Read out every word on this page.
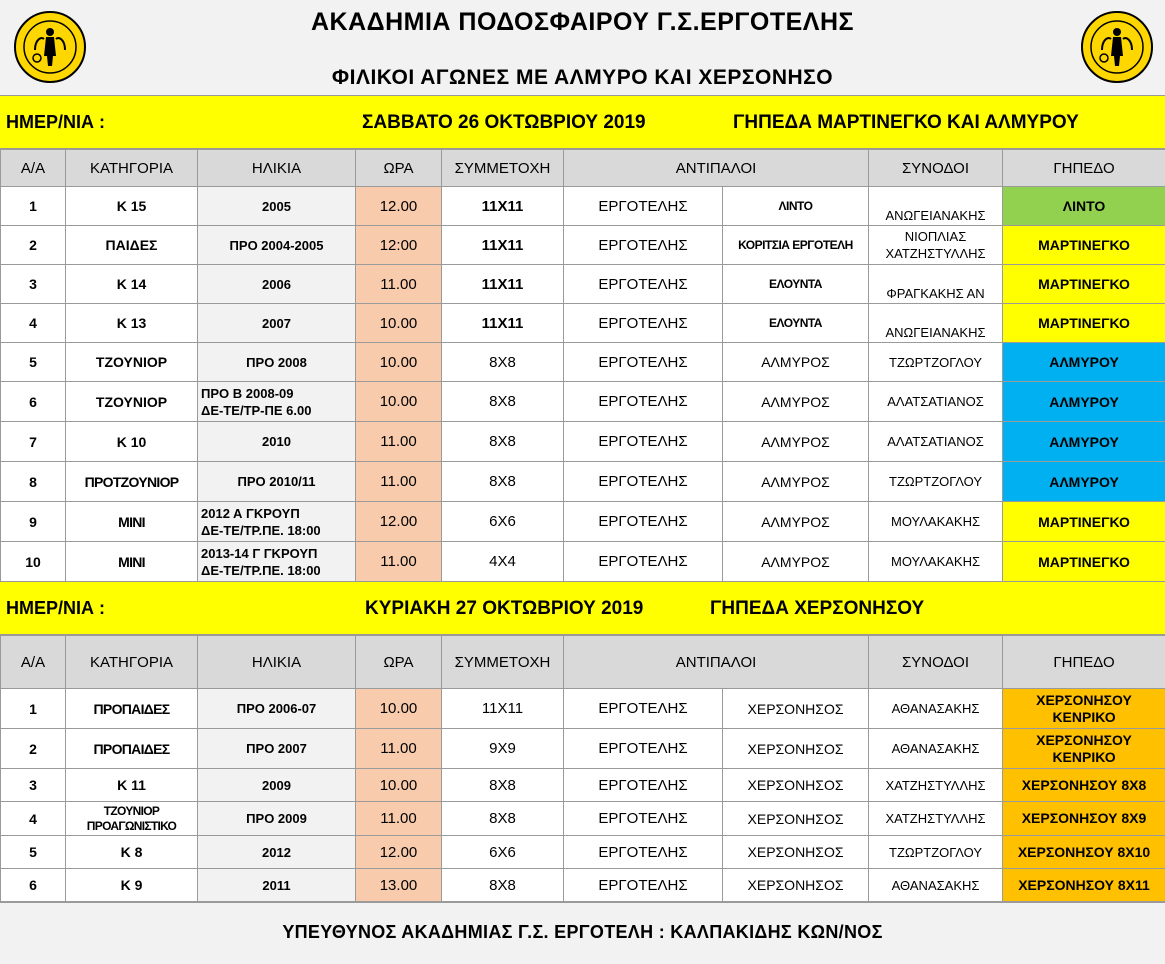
ΑΚΑΔΗΜΙΑ ΠΟΔΟΣΦΑΙΡΟΥ Γ.Σ.ΕΡΓΟΤΕΛΗΣ
ΦΙΛΙΚΟΙ ΑΓΩΝΕΣ ΜΕ ΑΛΜΥΡΟ ΚΑΙ ΧΕΡΣΟΝΗΣΟ
ΗΜΕΡ/ΝΙΑ :	ΣΑΒΒΑΤΟ 26 ΟΚΤΩΒΡΙΟΥ 2019	ΓΗΠΕΔΑ ΜΑΡΤΙΝΕΓΚΟ ΚΑΙ ΑΛΜΥΡΟΥ
Α/Α	ΚΑΤΗΓΟΡΙΑ	ΗΛΙΚΙΑ	ΩΡΑ	ΣΥΜΜΕΤΟΧΗ	ΑΝΤΙΠΑΛΟΙ		ΣΥΝΟΔΟΙ	ΓΗΠΕΔΟ
1	Κ 15	2005	12.00	11Χ11	ΕΡΓΟΤΕΛΗΣ	ΛΙΝΤΟ	ΑΝΩΓΕΙΑΝΑΚΗΣ	ΛΙΝΤΟ
2	ΠΑΙΔΕΣ	ΠΡΟ 2004-2005	12:00	11Χ11	ΕΡΓΟΤΕΛΗΣ	ΚΟΡΙΤΣΙΑ ΕΡΓΟΤΕΛΗ	ΝΙΟΠΛΙΑΣ ΧΑΤΖΗΣΤΥΛΛΗΣ	ΜΑΡΤΙΝΕΓΚΟ
3	Κ 14	2006	11.00	11Χ11	ΕΡΓΟΤΕΛΗΣ	ΕΛΟΥΝΤΑ	ΦΡΑΓΚΑΚΗΣ ΑΝ	ΜΑΡΤΙΝΕΓΚΟ
4	Κ 13	2007	10.00	11Χ11	ΕΡΓΟΤΕΛΗΣ	ΕΛΟΥΝΤΑ	ΑΝΩΓΕΙΑΝΑΚΗΣ	ΜΑΡΤΙΝΕΓΚΟ
5	ΤΖΟΥΝΙΟΡ	ΠΡΟ 2008	10.00	8Χ8	ΕΡΓΟΤΕΛΗΣ	ΑΛΜΥΡΟΣ	ΤΖΩΡΤΖΟΓΛΟΥ	ΑΛΜΥΡΟΥ
6	ΤΖΟΥΝΙΟΡ	ΠΡΟ Β 2008-09
ΔΕ-ΤΕ/ΤΡ-ΠΕ 6.00	10.00	8Χ8	ΕΡΓΟΤΕΛΗΣ	ΑΛΜΥΡΟΣ	ΑΛΑΤΣΑΤΙΑΝΟΣ	ΑΛΜΥΡΟΥ
7	Κ 10	2010	11.00	8Χ8	ΕΡΓΟΤΕΛΗΣ	ΑΛΜΥΡΟΣ	ΑΛΑΤΣΑΤΙΑΝΟΣ	ΑΛΜΥΡΟΥ
8	ΠΡΟΤΖΟΥΝΙΟΡ	ΠΡΟ 2010/11	11.00	8Χ8	ΕΡΓΟΤΕΛΗΣ	ΑΛΜΥΡΟΣ	ΤΖΩΡΤΖΟΓΛΟΥ	ΑΛΜΥΡΟΥ
9	ΜΙΝΙ	2012 Α ΓΚΡΟΥΠ
ΔΕ-ΤΕ/ΤΡ.ΠΕ. 18:00	12.00	6Χ6	ΕΡΓΟΤΕΛΗΣ	ΑΛΜΥΡΟΣ	ΜΟΥΛΑΚΑΚΗΣ	ΜΑΡΤΙΝΕΓΚΟ
10	ΜΙΝΙ	2013-14 Γ ΓΚΡΟΥΠ
ΔΕ-ΤΕ/ΤΡ.ΠΕ. 18:00	11.00	4Χ4	ΕΡΓΟΤΕΛΗΣ	ΑΛΜΥΡΟΣ	ΜΟΥΛΑΚΑΚΗΣ	ΜΑΡΤΙΝΕΓΚΟ
ΗΜΕΡ/ΝΙΑ :	ΚΥΡΙΑΚΗ 27 ΟΚΤΩΒΡΙΟΥ 2019	ΓΗΠΕΔΑ ΧΕΡΣΟΝΗΣΟΥ
Α/Α	ΚΑΤΗΓΟΡΙΑ	ΗΛΙΚΙΑ	ΩΡΑ	ΣΥΜΜΕΤΟΧΗ	ΑΝΤΙΠΑΛΟΙ		ΣΥΝΟΔΟΙ	ΓΗΠΕΔΟ
1	ΠΡΟΠΑΙΔΕΣ	ΠΡΟ 2006-07	10.00	11Χ11	ΕΡΓΟΤΕΛΗΣ	ΧΕΡΣΟΝΗΣΟΣ	ΑΘΑΝΑΣΑΚΗΣ	ΧΕΡΣΟΝΗΣΟΥ ΚΕΝΡΙΚΟ
2	ΠΡΟΠΑΙΔΕΣ	ΠΡΟ 2007	11.00	9Χ9	ΕΡΓΟΤΕΛΗΣ	ΧΕΡΣΟΝΗΣΟΣ	ΑΘΑΝΑΣΑΚΗΣ	ΧΕΡΣΟΝΗΣΟΥ ΚΕΝΡΙΚΟ
3	Κ 11	2009	10.00	8Χ8	ΕΡΓΟΤΕΛΗΣ	ΧΕΡΣΟΝΗΣΟΣ	ΧΑΤΖΗΣΤΥΛΛΗΣ	ΧΕΡΣΟΝΗΣΟΥ 8Χ8
4	ΤΖΟΥΝΙΟΡ ΠΡΟΑΓΩΝΙΣΤΙΚΟ	ΠΡΟ 2009	11.00	8Χ8	ΕΡΓΟΤΕΛΗΣ	ΧΕΡΣΟΝΗΣΟΣ	ΧΑΤΖΗΣΤΥΛΛΗΣ	ΧΕΡΣΟΝΗΣΟΥ 8Χ9
5	Κ 8	2012	12.00	6Χ6	ΕΡΓΟΤΕΛΗΣ	ΧΕΡΣΟΝΗΣΟΣ	ΤΖΩΡΤΖΟΓΛΟΥ	ΧΕΡΣΟΝΗΣΟΥ 8Χ10
6	Κ 9	2011	13.00	8Χ8	ΕΡΓΟΤΕΛΗΣ	ΧΕΡΣΟΝΗΣΟΣ	ΑΘΑΝΑΣΑΚΗΣ	ΧΕΡΣΟΝΗΣΟΥ 8Χ11
ΥΠΕΥΘΥΝΟΣ ΑΚΑΔΗΜΙΑΣ Γ.Σ. ΕΡΓΟΤΕΛΗ : ΚΑΛΠΑΚΙΔΗΣ ΚΩΝ/ΝΟΣ
